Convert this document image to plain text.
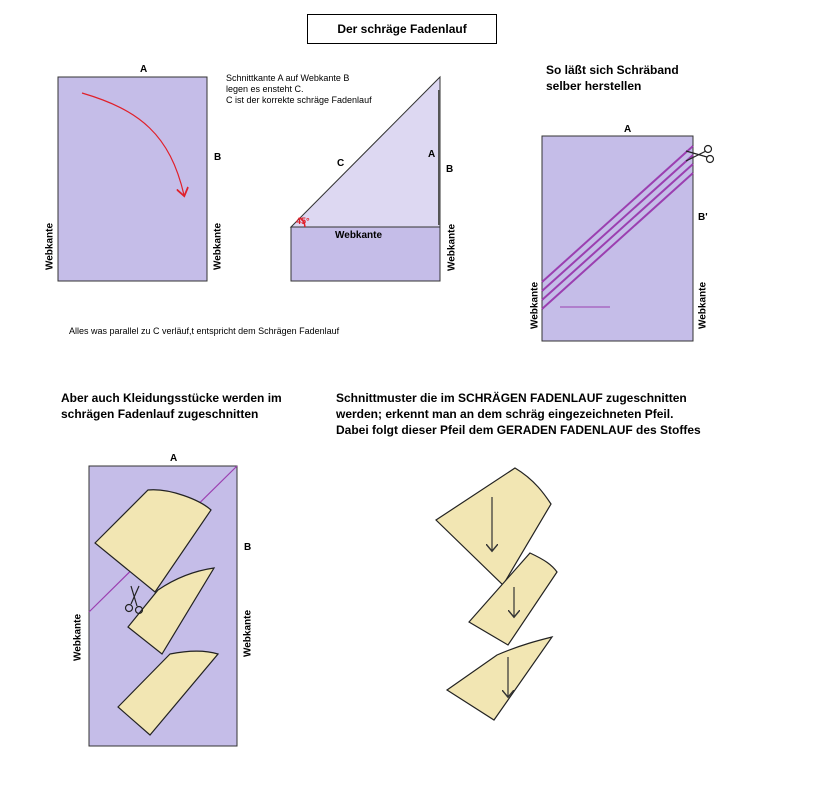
Der schräge Fadenlauf
A
B
Webkante	Webkante
Schnittkante A auf Webkante B
legen es ensteht C.
C ist der korrekte schräge Fadenlauf
C
A
B
45°
Webkante	Webkante
Alles was parallel zu C verläuf,t entspricht dem Schrägen Fadenlauf
So läßt sich Schräband
selber herstellen
A
B'
Webkante	Webkante
Aber auch Kleidungsstücke werden im
schrägen Fadenlauf zugeschnitten
A
B
Webkante	Webkante
Schnittmuster die im SCHRÄGEN FADENLAUF zugeschnitten
werden; erkennt man an dem schräg eingezeichneten Pfeil.
Dabei folgt dieser Pfeil dem GERADEN FADENLAUF des Stoffes
